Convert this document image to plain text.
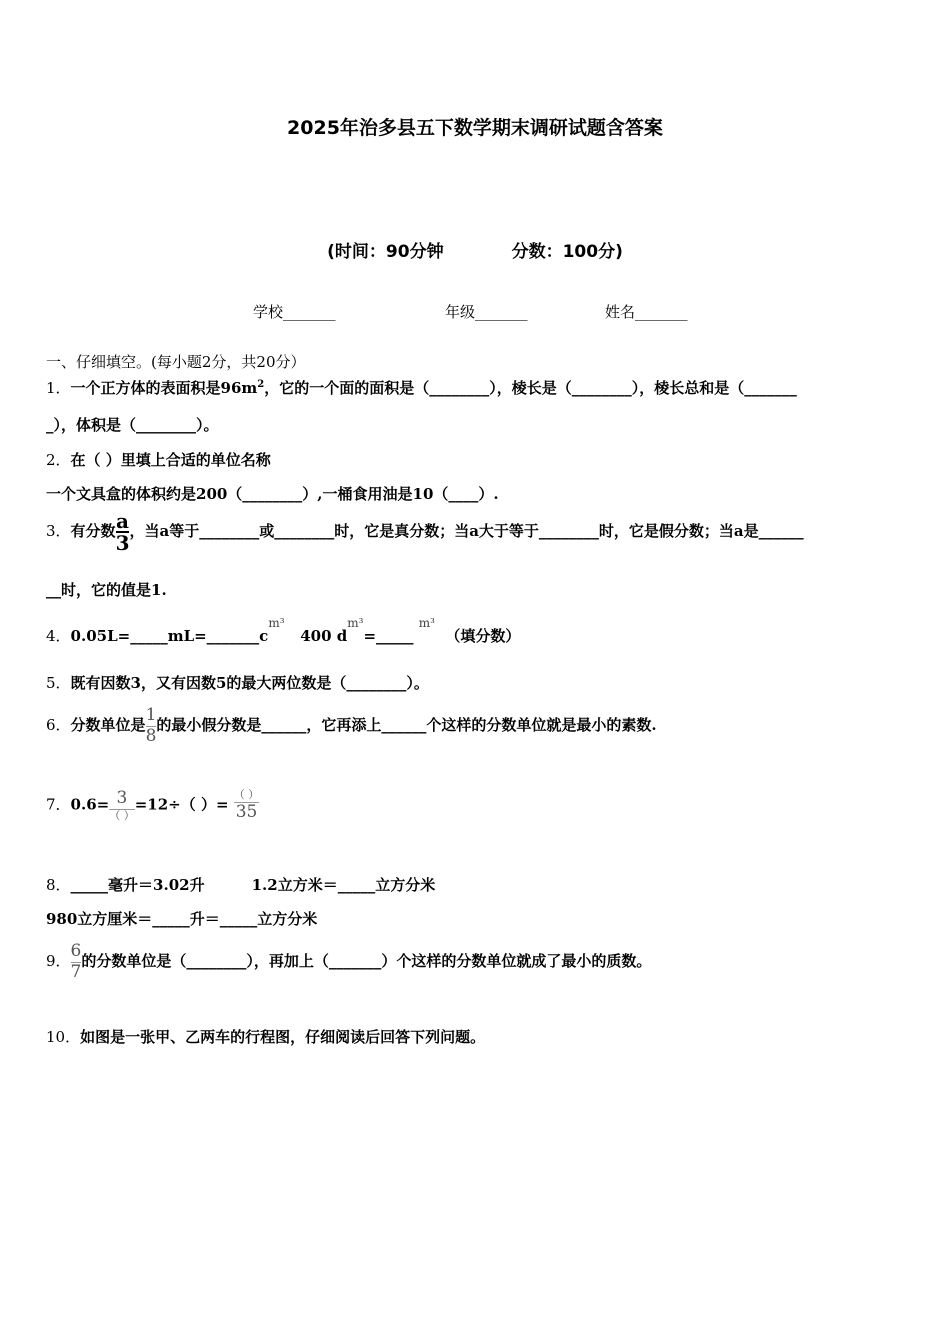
2025年治多县五下数学期末调研试题含答案
(时间：90分钟	分数：100分)
学校_______	年级_______	姓名_______
一、仔细填空。(每小题2分，共20分）
1．一个正方体的表面积是$96m^2$，它的一个面的面积是（________），棱长是（________），棱长总和是（_______
_），体积是（________）。
2．在（ ）里填上合适的单位名称
一个文具盒的体积约是200（________）,一桶食用油是10（____）.
3．有分数 $\frac{a}{3}$，当a等于________或________时，它是真分数；当a大于等于________时，它是假分数；当a是______
__时，它的值是1.
4．$0.05L=\_\_\_\_\_mL=\_\_\_\_\_\_\_c^{m^3}$   400 $d^{m^3}=\_\_\_\_\_$ $^{m^3}$  （填分数）
5．既有因数3，又有因数5的最大两位数是（________）。
6．分数单位是 $\frac{1}{8}$ 的最小假分数是______，它再添上______个这样的分数单位就是最小的素数.
7．$0.6= \frac{3}{( )} =12\div$（ ）= $\frac{( )}{35}$
8．_____毫升＝3.02升	1.2立方米＝_____立方分米
980立方厘米＝_____升＝_____立方分米
9． $\frac{6}{7}$ 的分数单位是（________），再加上（_______）个这样的分数单位就成了最小的质数。
10．如图是一张甲、乙两车的行程图，仔细阅读后回答下列问题。
